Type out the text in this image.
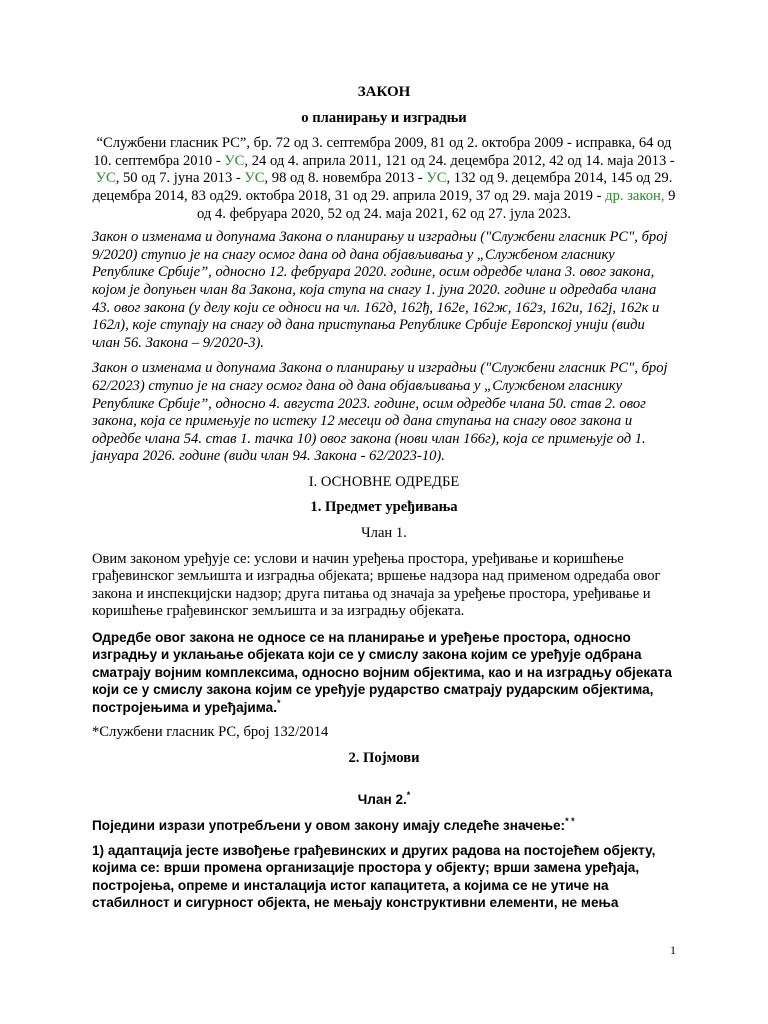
ЗАКОН

о планирању и изградњи

“Службени гласник РС”, бр. 72 од 3. септембра 2009, 81 од 2. октобра 2009 - исправка, 64 од 10. септембра 2010 - УС, 24 од 4. априла 2011, 121 од 24. децембра 2012, 42 од 14. маја 2013 - УС, 50 од 7. јуна 2013 - УС, 98 од 8. новембра 2013 - УС, 132 од 9. децембра 2014, 145 од 29. децембра 2014, 83 од29. октобра 2018, 31 од 29. априла 2019, 37 од 29. маја 2019 - др. закон, 9 од 4. фебруара 2020, 52 од 24. маја 2021, 62 од 27. јула 2023.

Закон о изменама и допунама Закона о планирању и изградњи ("Службени гласник РС", број 9/2020) ступио је на снагу осмог дана од дана објављивања у „Службеном гласнику Републике Србије”, односно 12. фебруара 2020. године, осим одредбе члана 3. овог закона, којом је допуњен члан 8а Закона, која ступа на снагу 1. јуна 2020. године и одредаба члана 43. овог закона (у делу који се односи на чл. 162д, 162ђ, 162е, 162ж, 162з, 162и, 162ј, 162к и 162л), које ступају на снагу од дана приступања Републике Србије Европској унији (види члан 56. Закона – 9/2020-3).

Закон о изменама и допунама Закона о планирању и изградњи ("Службени гласник РС", број 62/2023) ступио је на снагу осмог дана од дана објављивања у „Службеном гласнику Републике Србије”, односно 4. августа 2023. године, осим одредбе члана 50. став 2. овог закона, која се примењује по истеку 12 месеци од дана ступања на снагу овог закона и одредбе члана 54. став 1. тачка 10) овог закона (нови члан 166г), која се примењује од 1. јануара 2026. године (види члан 94. Закона - 62/2023-10).

I. ОСНОВНЕ ОДРЕДБЕ

1. Предмет уређивања

Члан 1.

Овим законом уређује се: услови и начин уређења простора, уређивање и коришћење грађевинског земљишта и изградња објеката; вршење надзора над применом одредаба овог закона и инспекцијски надзор; друга питања од значаја за уређење простора, уређивање и коришћење грађевинског земљишта и за изградњу објеката.

Одредбе овог закона не односе се на планирање и уређење простора, односно изградњу и уклањање објеката који се у смислу закона којим се уређује одбрана сматрају војним комплексима, односно војним објектима, као и на изградњу објеката који се у смислу закона којим се уређује рударство сматрају рударским објектима, постројењима и уређајима.*

*Службени гласник РС, број 132/2014

2. Појмови

Члан 2.*

Поједини изрази употребљени у овом закону имају следеће значење:* *

1) адаптација јесте извођење грађевинских и других радова на постојећем објекту, којима се: врши промена организације простора у објекту; врши замена уређаја, постројења, опреме и инсталација истог капацитета, а којима се не утиче на стабилност и сигурност објекта, не мењају конструктивни елементи, не мења

1
